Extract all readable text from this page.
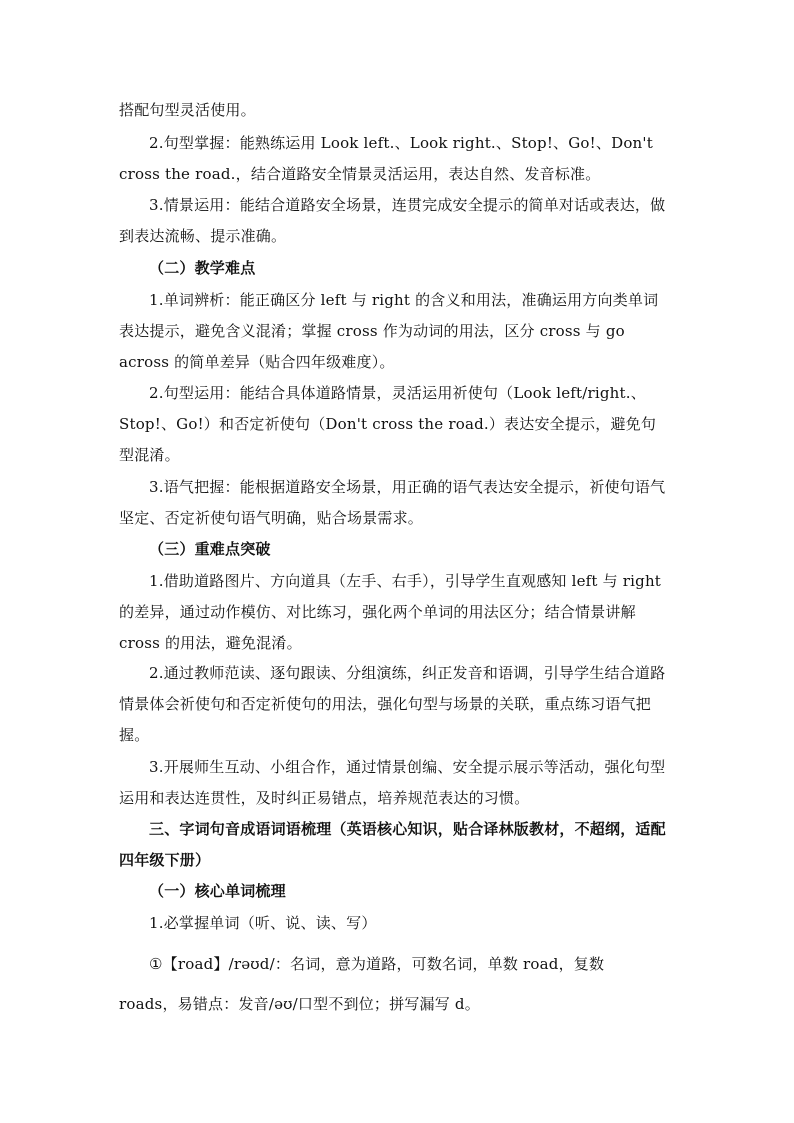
搭配句型灵活使用。

2.句型掌握：能熟练运用 Look left.、Look right.、Stop!、Go!、Don't cross the road.，结合道路安全情景灵活运用，表达自然、发音标准。

3.情景运用：能结合道路安全场景，连贯完成安全提示的简单对话或表达，做到表达流畅、提示准确。

（二）教学难点

1.单词辨析：能正确区分 left 与 right 的含义和用法，准确运用方向类单词表达提示，避免含义混淆；掌握 cross 作为动词的用法，区分 cross 与 go across 的简单差异（贴合四年级难度）。

2.句型运用：能结合具体道路情景，灵活运用祈使句（Look left/right.、Stop!、Go!）和否定祈使句（Don't cross the road.）表达安全提示，避免句型混淆。

3.语气把握：能根据道路安全场景，用正确的语气表达安全提示，祈使句语气坚定、否定祈使句语气明确，贴合场景需求。

（三）重难点突破

1.借助道路图片、方向道具（左手、右手），引导学生直观感知 left 与 right 的差异，通过动作模仿、对比练习，强化两个单词的用法区分；结合情景讲解 cross 的用法，避免混淆。

2.通过教师范读、逐句跟读、分组演练，纠正发音和语调，引导学生结合道路情景体会祈使句和否定祈使句的用法，强化句型与场景的关联，重点练习语气把握。

3.开展师生互动、小组合作，通过情景创编、安全提示展示等活动，强化句型运用和表达连贯性，及时纠正易错点，培养规范表达的习惯。

三、字词句音成语词语梳理（英语核心知识，贴合译林版教材，不超纲，适配四年级下册）

（一）核心单词梳理

1.必掌握单词（听、说、读、写）

①【road】/rəʊd/：名词，意为道路，可数名词，单数 road，复数 roads，易错点：发音/əʊ/口型不到位；拼写漏写 d。
